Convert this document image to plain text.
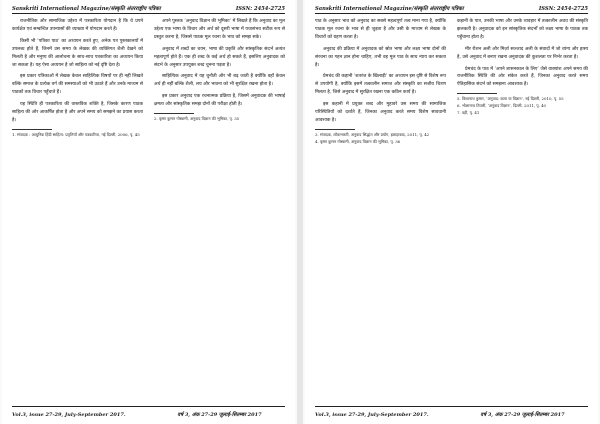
Sanskriti International Magazine/संस्कृति अंतरराष्ट्रीय पत्रिका	ISSN: 2454-2725

राजनीतिक और सामाजिक उद्देश्य में पत्रकारिता योगदान है कि वे प्रपने कार्यक्षेत्र एवं सम्बन्धित उपन्यासों की व्याख्या में योगदान करते हैं।

किसी भी ‘पत्रिका पाठ’ का अध्ययन करते हुए, अनेक पत्र पुस्तकालयों में उपलब्ध होते हैं, जिनमें उस समय के लेखक की व्यक्तिगत शैली देखने को मिलती है और मनुष्य की आलोचना के साथ-साथ पत्रकारिता का अध्ययन किया जा सकता है। यह ऐसा अध्ययन है जो साहित्य को नई दृष्टि देता है।

इस प्रकार पत्रिकाओं में लेखक केवल साहित्यिक विषयों पर ही नहीं लिखते बल्कि समाज के प्रत्येक वर्ग की समस्याओं को भी उठाते हैं और उनके माध्यम से पाठकों तक विचार पहुँचाते हैं।

यह स्थिति ही पत्रकारिता की वास्तविक शक्ति है, जिसके कारण पाठक साहित्य की ओर आकर्षित होता है और अपने समय को समझने का प्रयास करता है।

1. संपादक : आधुनिक हिंदी साहित्य: प्रवृत्तियाँ और पत्रकारिता, नई दिल्ली, 2006, पृ. 45

अपने पुस्तक ‘अनुवाद विज्ञान की भूमिका’ में लिखते हैं कि अनुवाद का मूल उद्देश्य एक भाषा के विचार और अर्थ को दूसरी भाषा में यथासंभव सटीक रूप से प्रस्तुत करना है, जिससे पाठक मूल रचना के भाव को समझ सके।

अनुवाद में शब्दों का चयन, भाषा की प्रकृति और सांस्कृतिक संदर्भ अत्यंत महत्वपूर्ण होते हैं। एक ही शब्द के कई अर्थ हो सकते हैं, इसलिए अनुवादक को संदर्भ के अनुसार उपयुक्त शब्द चुनना पड़ता है।

साहित्यिक अनुवाद में यह चुनौती और भी बढ़ जाती है क्योंकि वहाँ केवल अर्थ ही नहीं बल्कि शैली, लय और भावना को भी सुरक्षित रखना होता है।

इस प्रकार अनुवाद एक रचनात्मक प्रक्रिया है, जिसमें अनुवादक की भाषाई क्षमता और सांस्कृतिक समझ दोनों की परीक्षा होती है।

2. कृष्ण कुमार गोस्वामी, अनुवाद विज्ञान की भूमिका, पृ. 35
Vol.3, issue 27-29, July-September 2017.	वर्ष 3, अंक 27-29 जुलाई-सितम्बर 2017
Sanskriti International Magazine/संस्कृति अंतरराष्ट्रीय पत्रिका	ISSN: 2454-2725

पाठ के अनुसार भाव को अनुवाद का सबसे महत्वपूर्ण तत्व माना गया है, क्योंकि पाठक मूल रचना के भाव से ही जुड़ता है और उसी के माध्यम से लेखक के विचारों को ग्रहण करता है।

अनुवाद की प्रक्रिया में अनुवादक को स्रोत भाषा और लक्ष्य भाषा दोनों की संरचना का गहन ज्ञान होना चाहिए, तभी वह मूल पाठ के साथ न्याय कर सकता है।

प्रेमचंद की कहानी ‘शतरंज के खिलाड़ी’ का अध्ययन इस दृष्टि से विशेष रूप से उपयोगी है, क्योंकि इसमें तत्कालीन समाज और संस्कृति का सजीव चित्रण मिलता है, जिसे अनुवाद में सुरक्षित रखना एक कठिन कार्य है।

इस कहानी में प्रयुक्त शब्द और मुहावरे उस समय की सामाजिक परिस्थितियों को दर्शाते हैं, जिनका अनुवाद करते समय विशेष सावधानी आवश्यक है।

3. संपादक, लोकभारती, अनुवाद सिद्धांत और प्रयोग, इलाहाबाद, 2011, पृ. 42
4. कृष्ण कुमार गोस्वामी, अनुवाद विज्ञान की भूमिका, पृ. 36

कहानी के पात्र, उनकी भाषा और उनके व्यवहार में तत्कालीन अवध की संस्कृति झलकती है। अनुवादक को इन सांस्कृतिक संदर्भों को लक्ष्य भाषा के पाठक तक पहुँचाना होता है।

मीर रौशन अली और मिर्ज़ा सज्जाद अली के संवादों में जो व्यंग्य और हास्य है, उसे अनुवाद में बनाए रखना अनुवादक की कुशलता पर निर्भर करता है।

प्रेमचंद के पाठ में ‘अपने शासनकाल के लिए’ जैसे वाक्यांश अपने समय की राजनीतिक स्थिति की ओर संकेत करते हैं, जिनका अनुवाद करते समय ऐतिहासिक संदर्भ को समझना आवश्यक है।

5. विश्वनाथ कुमार, ‘अनुवाद: कला या विज्ञान’, नई दिल्ली, 2010, पृ. 55
6. भोलानाथ तिवारी, ‘अनुवाद विज्ञान’, दिल्ली, 2011, पृ. 40
7. वही, पृ. 41
Vol.3, issue 27-29, July-September 2017.	वर्ष 3, अंक 27-29 जुलाई-सितम्बर 2017
